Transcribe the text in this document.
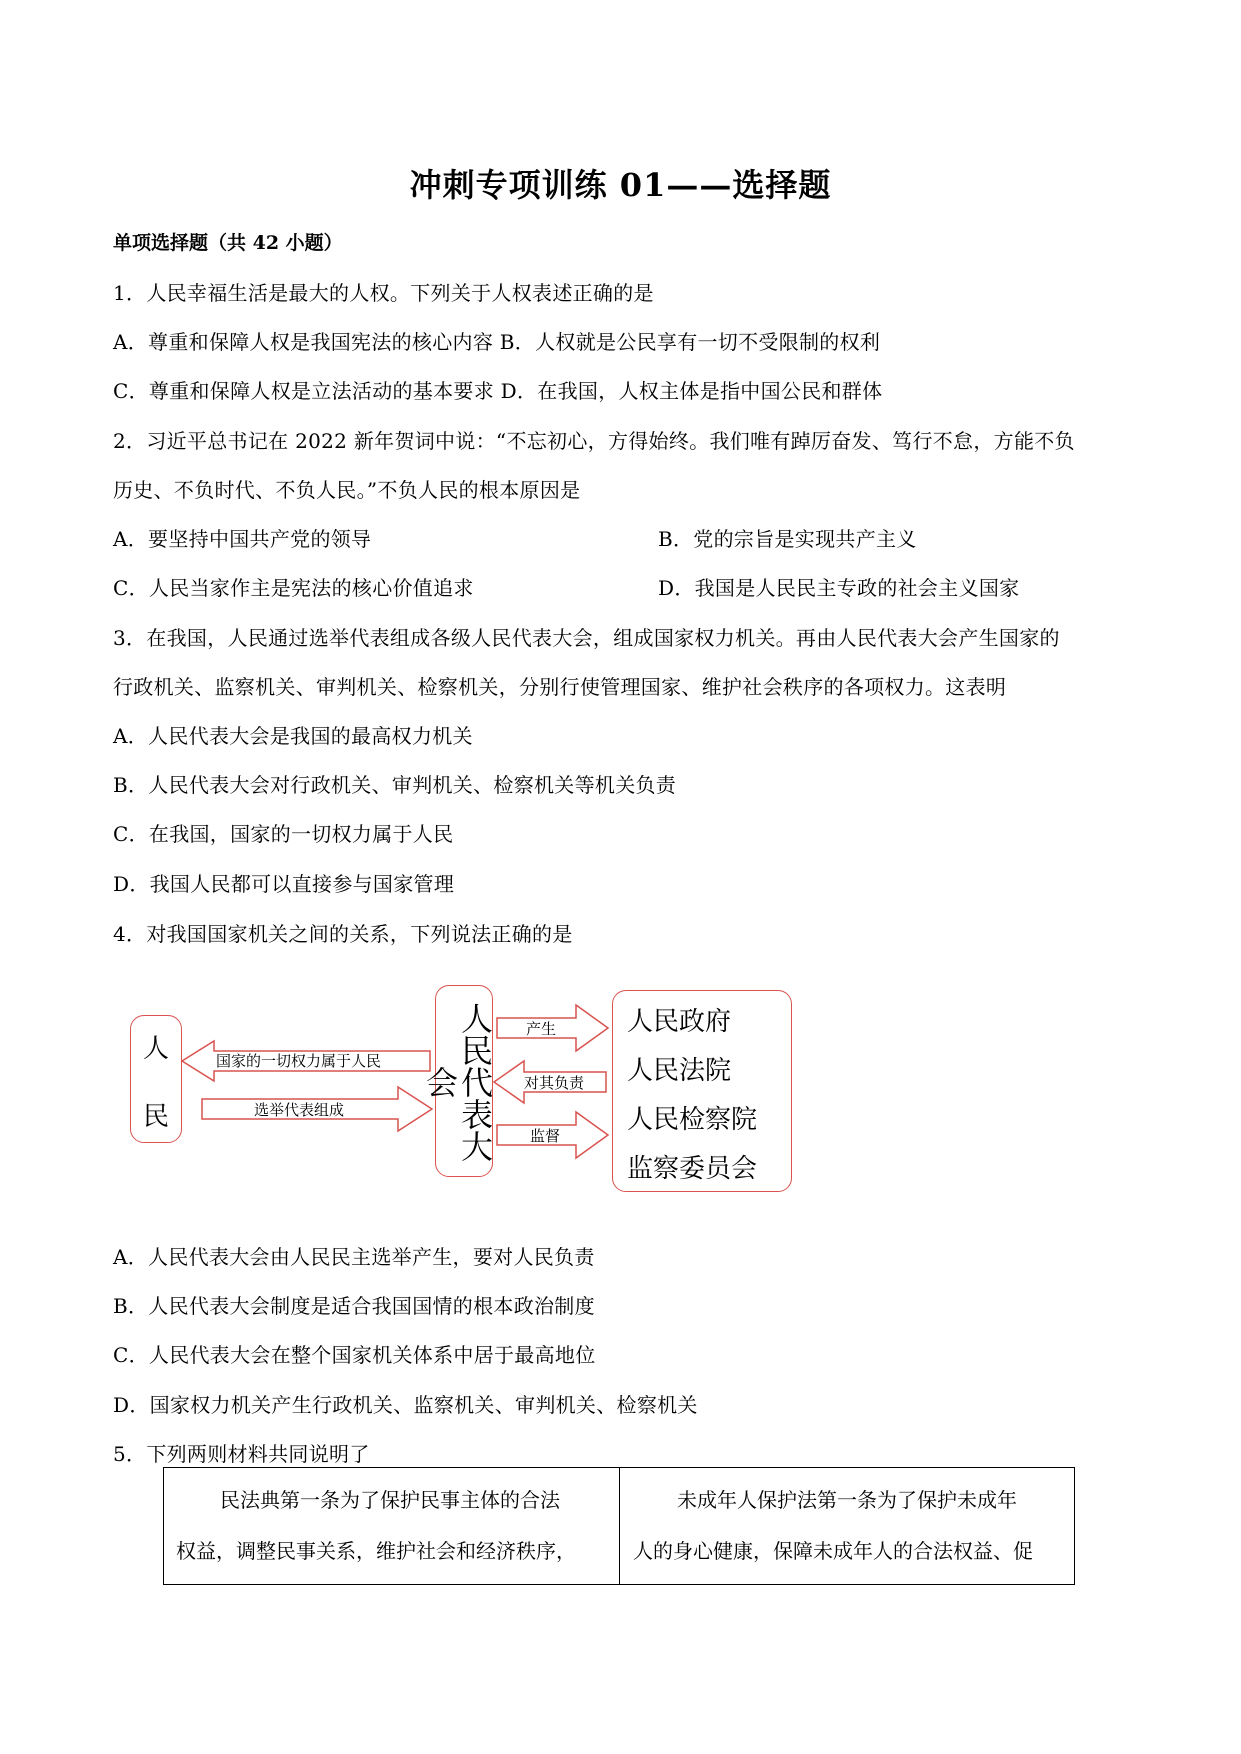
冲刺专项训练 01——选择题
单项选择题（共 42 小题）
1．人民幸福生活是最大的人权。下列关于人权表述正确的是
A．尊重和保障人权是我国宪法的核心内容 B．人权就是公民享有一切不受限制的权利
C．尊重和保障人权是立法活动的基本要求 D．在我国，人权主体是指中国公民和群体
2．习近平总书记在 2022 新年贺词中说：“不忘初心，方得始终。我们唯有踔厉奋发、笃行不怠，方能不负
历史、不负时代、不负人民。”不负人民的根本原因是
A．要坚持中国共产党的领导	B．党的宗旨是实现共产主义
C．人民当家作主是宪法的核心价值追求	D．我国是人民民主专政的社会主义国家
3．在我国，人民通过选举代表组成各级人民代表大会，组成国家权力机关。再由人民代表大会产生国家的
行政机关、监察机关、审判机关、检察机关，分别行使管理国家、维护社会秩序的各项权力。这表明
A．人民代表大会是我国的最高权力机关
B．人民代表大会对行政机关、审判机关、检察机关等机关负责
C．在我国，国家的一切权力属于人民
D．我国人民都可以直接参与国家管理
4．对我国国家机关之间的关系，下列说法正确的是
人
民
国家的一切权力属于人民
选举代表组成
产生
对其负责
监督
人民代表大会
人民政府
人民法院
人民检察院
监察委员会
A．人民代表大会由人民民主选举产生，要对人民负责
B．人民代表大会制度是适合我国国情的根本政治制度
C．人民代表大会在整个国家机关体系中居于最高地位
D．国家权力机关产生行政机关、监察机关、审判机关、检察机关
5．下列两则材料共同说明了
民法典第一条为了保护民事主体的合法
权益，调整民事关系，维护社会和经济秩序，
未成年人保护法第一条为了保护未成年
人的身心健康，保障未成年人的合法权益、促
